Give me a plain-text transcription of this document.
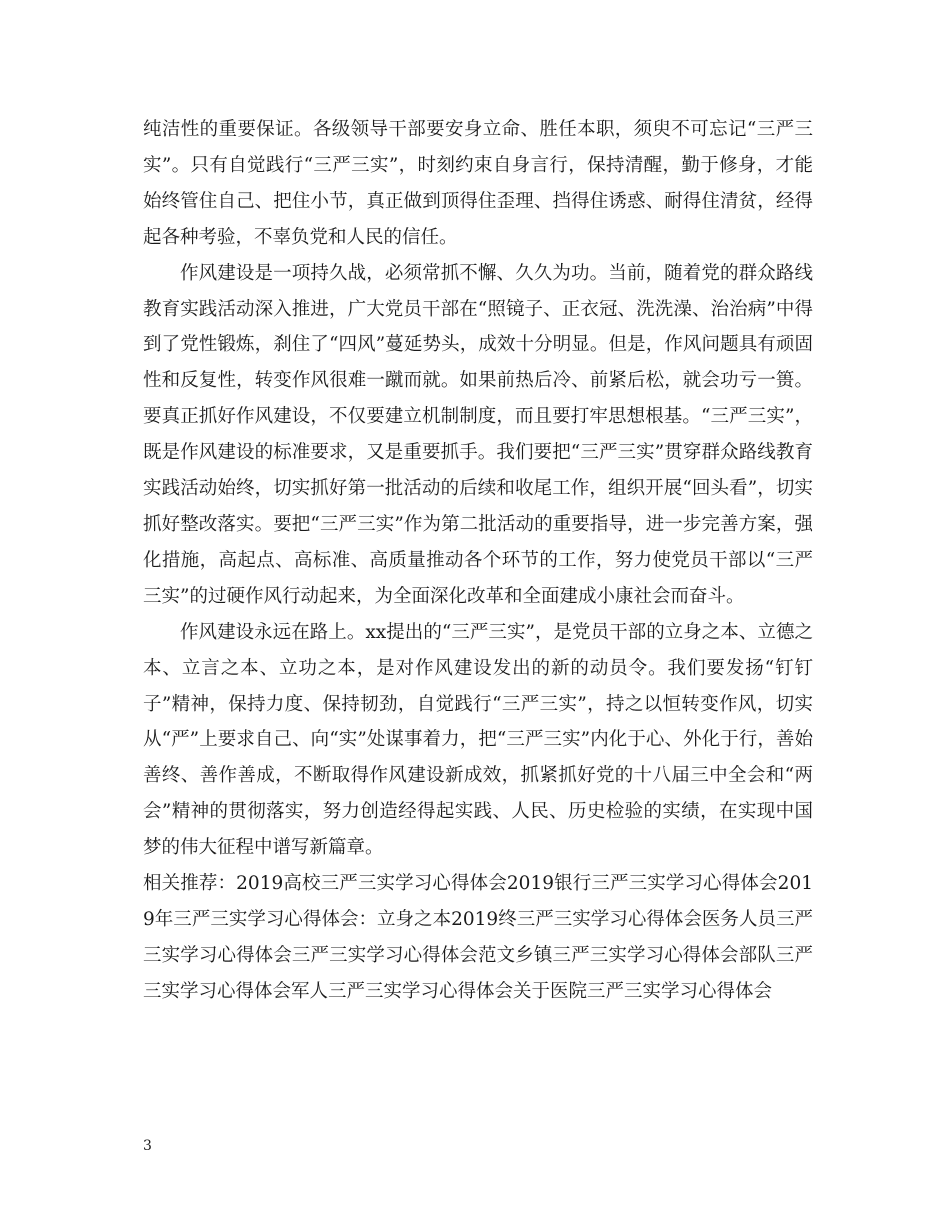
纯洁性的重要保证。各级领导干部要安身立命、胜任本职，须臾不可忘记“三严三实”。只有自觉践行“三严三实”，时刻约束自身言行，保持清醒，勤于修身，才能始终管住自己、把住小节，真正做到顶得住歪理、挡得住诱惑、耐得住清贫，经得起各种考验，不辜负党和人民的信任。

作风建设是一项持久战，必须常抓不懈、久久为功。当前，随着党的群众路线教育实践活动深入推进，广大党员干部在“照镜子、正衣冠、洗洗澡、治治病”中得到了党性锻炼，刹住了“四风”蔓延势头，成效十分明显。但是，作风问题具有顽固性和反复性，转变作风很难一蹴而就。如果前热后冷、前紧后松，就会功亏一篑。要真正抓好作风建设，不仅要建立机制制度，而且要打牢思想根基。“三严三实”，既是作风建设的标准要求，又是重要抓手。我们要把“三严三实”贯穿群众路线教育实践活动始终，切实抓好第一批活动的后续和收尾工作，组织开展“回头看”，切实抓好整改落实。要把“三严三实”作为第二批活动的重要指导，进一步完善方案，强化措施，高起点、高标准、高质量推动各个环节的工作，努力使党员干部以“三严三实”的过硬作风行动起来，为全面深化改革和全面建成小康社会而奋斗。

作风建设永远在路上。xx提出的“三严三实”，是党员干部的立身之本、立德之本、立言之本、立功之本，是对作风建设发出的新的动员令。我们要发扬“钉钉子”精神，保持力度、保持韧劲，自觉践行“三严三实”，持之以恒转变作风，切实从“严”上要求自己、向“实”处谋事着力，把“三严三实”内化于心、外化于行，善始善终、善作善成，不断取得作风建设新成效，抓紧抓好党的十八届三中全会和“两会”精神的贯彻落实，努力创造经得起实践、人民、历史检验的实绩，在实现中国梦的伟大征程中谱写新篇章。

相关推荐：2019高校三严三实学习心得体会2019银行三严三实学习心得体会2019年三严三实学习心得体会：立身之本2019终三严三实学习心得体会医务人员三严三实学习心得体会三严三实学习心得体会范文乡镇三严三实学习心得体会部队三严三实学习心得体会军人三严三实学习心得体会关于医院三严三实学习心得体会

3
